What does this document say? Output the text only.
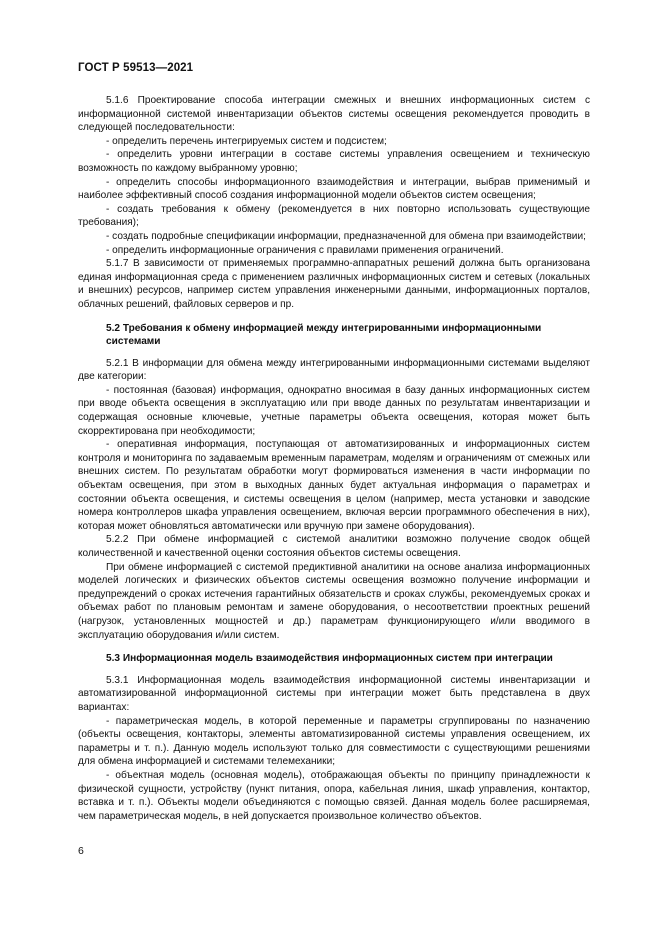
ГОСТ Р 59513—2021

5.1.6 Проектирование способа интеграции смежных и внешних информационных систем с информационной системой инвентаризации объектов системы освещения рекомендуется проводить в следующей последовательности:

- определить перечень интегрируемых систем и подсистем;

- определить уровни интеграции в составе системы управления освещением и техническую возможность по каждому выбранному уровню;

- определить способы информационного взаимодействия и интеграции, выбрав применимый и наиболее эффективный способ создания информационной модели объектов систем освещения;

- создать требования к обмену (рекомендуется в них повторно использовать существующие требования);

- создать подробные спецификации информации, предназначенной для обмена при взаимодействии;

- определить информационные ограничения с правилами применения ограничений.

5.1.7 В зависимости от применяемых программно-аппаратных решений должна быть организована единая информационная среда с применением различных информационных систем и сетевых (локальных и внешних) ресурсов, например систем управления инженерными данными, информационных порталов, облачных решений, файловых серверов и пр.

5.2 Требования к обмену информацией между интегрированными информационными системами

5.2.1 В информации для обмена между интегрированными информационными системами выделяют две категории:

- постоянная (базовая) информация, однократно вносимая в базу данных информационных систем при вводе объекта освещения в эксплуатацию или при вводе данных по результатам инвентаризации и содержащая основные ключевые, учетные параметры объекта освещения, которая может быть скорректирована при необходимости;

- оперативная информация, поступающая от автоматизированных и информационных систем контроля и мониторинга по задаваемым временным параметрам, моделям и ограничениям от смежных или внешних систем. По результатам обработки могут формироваться изменения в части информации по объектам освещения, при этом в выходных данных будет актуальная информация о параметрах и состоянии объекта освещения, и системы освещения в целом (например, места установки и заводские номера контроллеров шкафа управления освещением, включая версии программного обеспечения в них), которая может обновляться автоматически или вручную при замене оборудования).

5.2.2 При обмене информацией с системой аналитики возможно получение сводок общей количественной и качественной оценки состояния объектов системы освещения.

При обмене информацией с системой предиктивной аналитики на основе анализа информационных моделей логических и физических объектов системы освещения возможно получение информации и предупреждений о сроках истечения гарантийных обязательств и сроках службы, рекомендуемых сроках и объемах работ по плановым ремонтам и замене оборудования, о несоответствии проектных решений (нагрузок, установленных мощностей и др.) параметрам функционирующего и/или вводимого в эксплуатацию оборудования и/или систем.

5.3 Информационная модель взаимодействия информационных систем при интеграции

5.3.1 Информационная модель взаимодействия информационной системы инвентаризации и автоматизированной информационной системы при интеграции может быть представлена в двух вариантах:

- параметрическая модель, в которой переменные и параметры сгруппированы по назначению (объекты освещения, контакторы, элементы автоматизированной системы управления освещением, их параметры и т. п.). Данную модель используют только для совместимости с существующими решениями для обмена информацией и системами телемеханики;

- объектная модель (основная модель), отображающая объекты по принципу принадлежности к физической сущности, устройству (пункт питания, опора, кабельная линия, шкаф управления, контактор, вставка и т. п.). Объекты модели объединяются с помощью связей. Данная модель более расширяемая, чем параметрическая модель, в ней допускается произвольное количество объектов.

6
